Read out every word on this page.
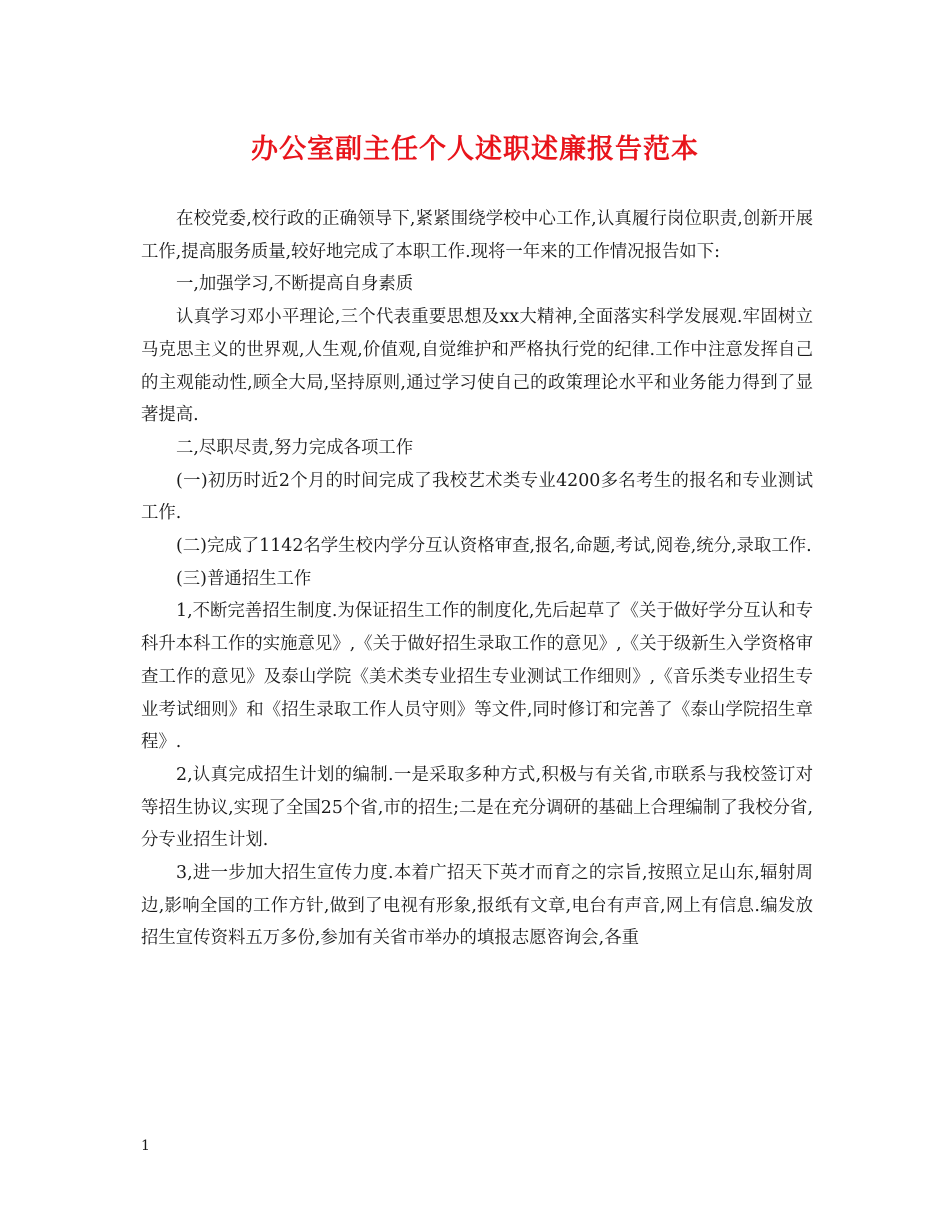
办公室副主任个人述职述廉报告范本

在校党委,校行政的正确领导下,紧紧围绕学校中心工作,认真履行岗位职责,创新开展工作,提高服务质量,较好地完成了本职工作.现将一年来的工作情况报告如下:

一,加强学习,不断提高自身素质

认真学习邓小平理论,三个代表重要思想及xx大精神,全面落实科学发展观.牢固树立马克思主义的世界观,人生观,价值观,自觉维护和严格执行党的纪律.工作中注意发挥自己的主观能动性,顾全大局,坚持原则,通过学习使自己的政策理论水平和业务能力得到了显著提高.

二,尽职尽责,努力完成各项工作

(一)初历时近2个月的时间完成了我校艺术类专业4200多名考生的报名和专业测试工作.

(二)完成了1142名学生校内学分互认资格审查,报名,命题,考试,阅卷,统分,录取工作.

(三)普通招生工作

1,不断完善招生制度.为保证招生工作的制度化,先后起草了《关于做好学分互认和专科升本科工作的实施意见》,《关于做好招生录取工作的意见》,《关于级新生入学资格审查工作的意见》及泰山学院《美术类专业招生专业测试工作细则》,《音乐类专业招生专业考试细则》和《招生录取工作人员守则》等文件,同时修订和完善了《泰山学院招生章程》.

2,认真完成招生计划的编制.一是采取多种方式,积极与有关省,市联系与我校签订对等招生协议,实现了全国25个省,市的招生;二是在充分调研的基础上合理编制了我校分省,分专业招生计划.

3,进一步加大招生宣传力度.本着广招天下英才而育之的宗旨,按照立足山东,辐射周边,影响全国的工作方针,做到了电视有形象,报纸有文章,电台有声音,网上有信息.编发放招生宣传资料五万多份,参加有关省市举办的填报志愿咨询会,各重

1
